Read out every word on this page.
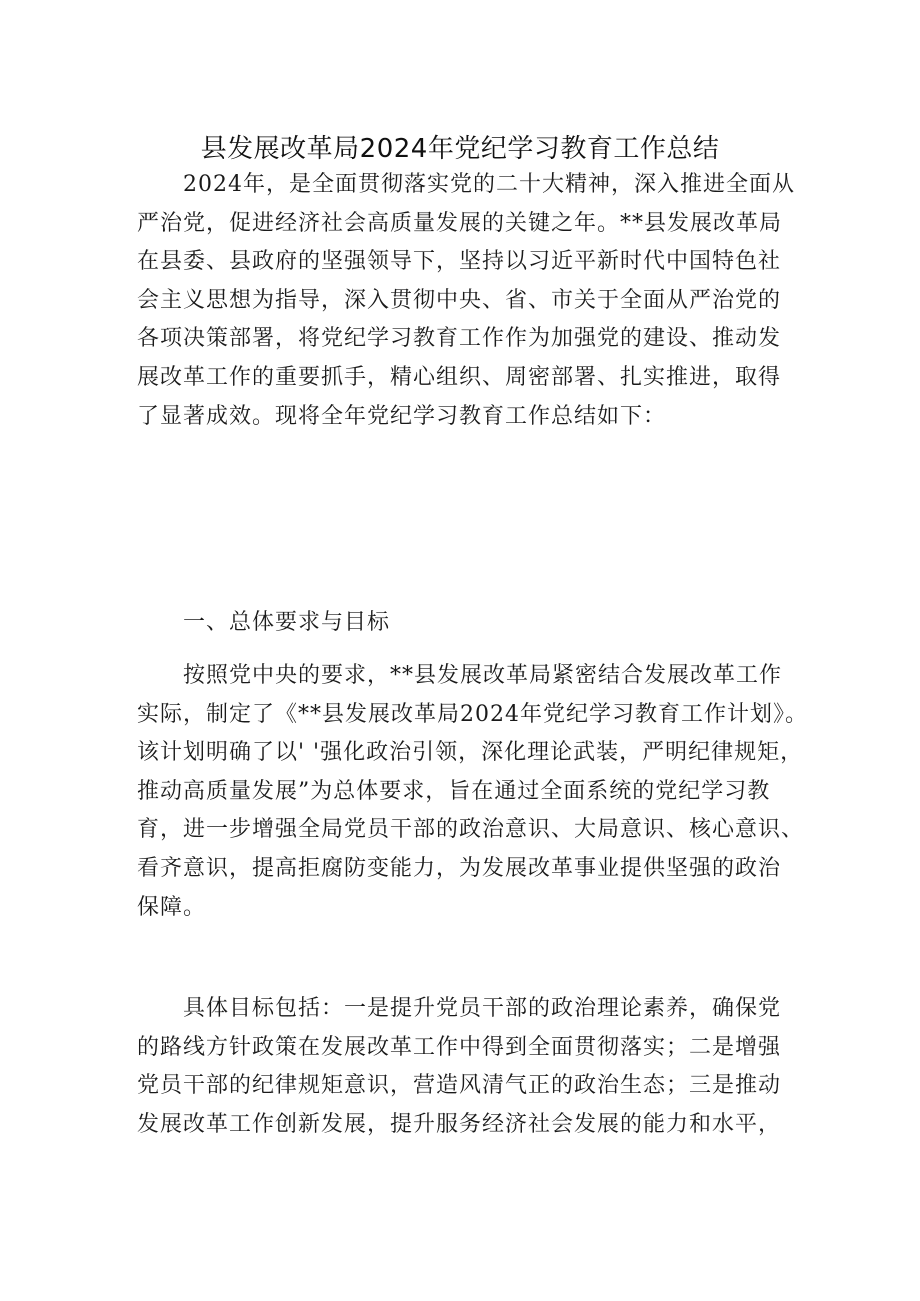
县发展改革局2024年党纪学习教育工作总结
2024年，是全面贯彻落实党的二十大精神，深入推进全面从
严治党，促进经济社会高质量发展的关键之年。**县发展改革局
在县委、县政府的坚强领导下，坚持以习近平新时代中国特色社
会主义思想为指导，深入贯彻中央、省、市关于全面从严治党的
各项决策部署，将党纪学习教育工作作为加强党的建设、推动发
展改革工作的重要抓手，精心组织、周密部署、扎实推进，取得
了显著成效。现将全年党纪学习教育工作总结如下：
一、总体要求与目标
按照党中央的要求，**县发展改革局紧密结合发展改革工作
实际，制定了《**县发展改革局2024年党纪学习教育工作计划》。
该计划明确了以' '强化政治引领，深化理论武装，严明纪律规矩，
推动高质量发展”为总体要求，旨在通过全面系统的党纪学习教
育，进一步增强全局党员干部的政治意识、大局意识、核心意识、
看齐意识，提高拒腐防变能力，为发展改革事业提供坚强的政治
保障。
具体目标包括：一是提升党员干部的政治理论素养，确保党
的路线方针政策在发展改革工作中得到全面贯彻落实；二是增强
党员干部的纪律规矩意识，营造风清气正的政治生态；三是推动
发展改革工作创新发展，提升服务经济社会发展的能力和水平，
